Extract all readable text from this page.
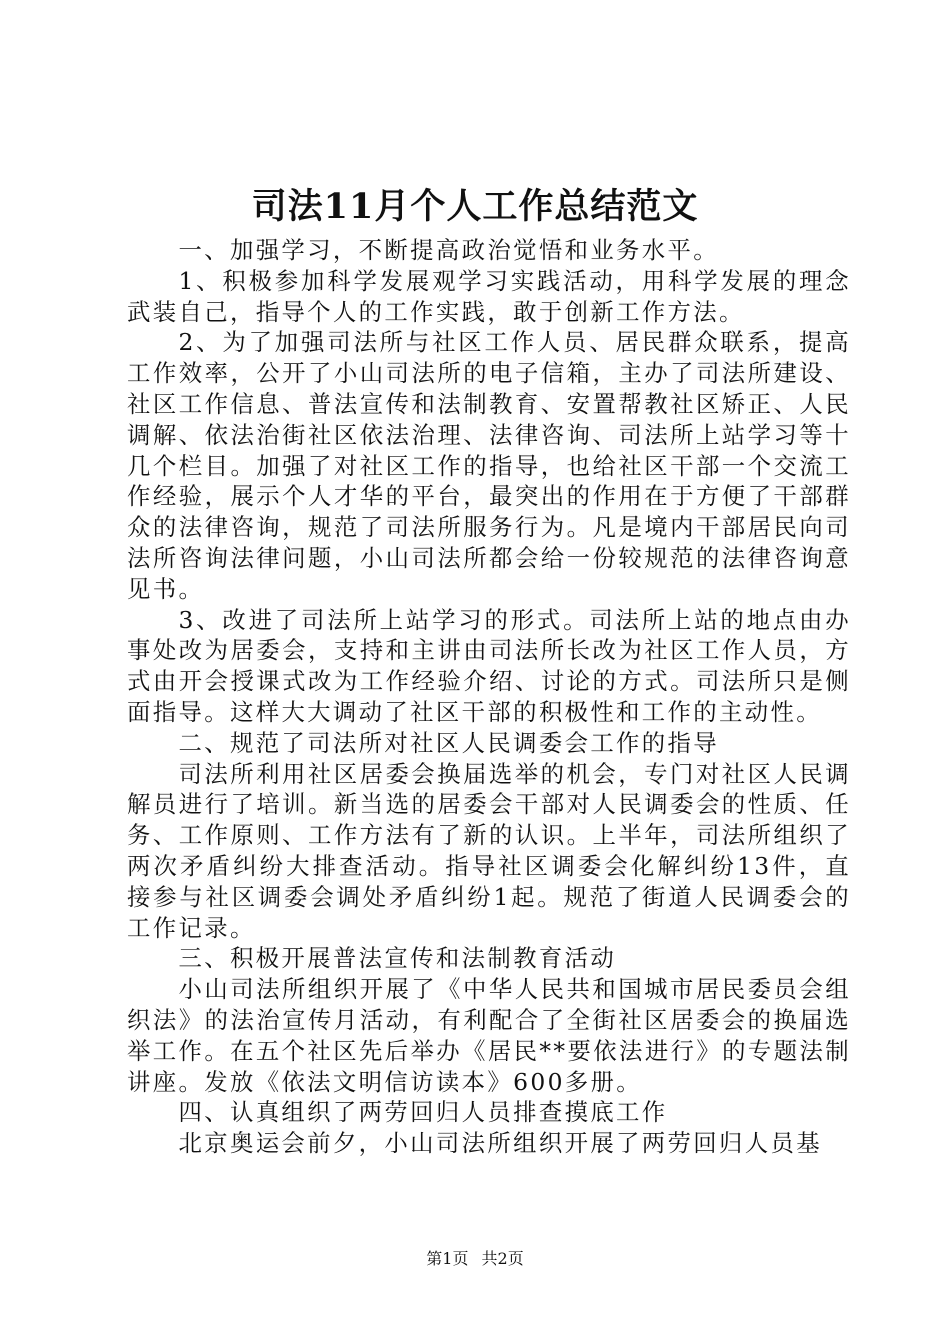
司法11月个人工作总结范文

一、加强学习，不断提高政治觉悟和业务水平。

1、积极参加科学发展观学习实践活动，用科学发展的理念武装自己，指导个人的工作实践，敢于创新工作方法。

2、为了加强司法所与社区工作人员、居民群众联系，提高工作效率，公开了小山司法所的电子信箱，主办了司法所建设、社区工作信息、普法宣传和法制教育、安置帮教社区矫正、人民调解、依法治街社区依法治理、法律咨询、司法所上站学习等十几个栏目。加强了对社区工作的指导，也给社区干部一个交流工作经验，展示个人才华的平台，最突出的作用在于方便了干部群众的法律咨询，规范了司法所服务行为。凡是境内干部居民向司法所咨询法律问题，小山司法所都会给一份较规范的法律咨询意见书。

3、改进了司法所上站学习的形式。司法所上站的地点由办事处改为居委会，支持和主讲由司法所长改为社区工作人员，方式由开会授课式改为工作经验介绍、讨论的方式。司法所只是侧面指导。这样大大调动了社区干部的积极性和工作的主动性。

二、规范了司法所对社区人民调委会工作的指导

司法所利用社区居委会换届选举的机会，专门对社区人民调解员进行了培训。新当选的居委会干部对人民调委会的性质、任务、工作原则、工作方法有了新的认识。上半年，司法所组织了两次矛盾纠纷大排查活动。指导社区调委会化解纠纷13件，直接参与社区调委会调处矛盾纠纷1起。规范了街道人民调委会的工作记录。

三、积极开展普法宣传和法制教育活动

小山司法所组织开展了《中华人民共和国城市居民委员会组织法》的法治宣传月活动，有利配合了全街社区居委会的换届选举工作。在五个社区先后举办《居民**要依法进行》的专题法制讲座。发放《依法文明信访读本》600多册。

四、认真组织了两劳回归人员排查摸底工作

北京奥运会前夕，小山司法所组织开展了两劳回归人员基

第1页 共2页
